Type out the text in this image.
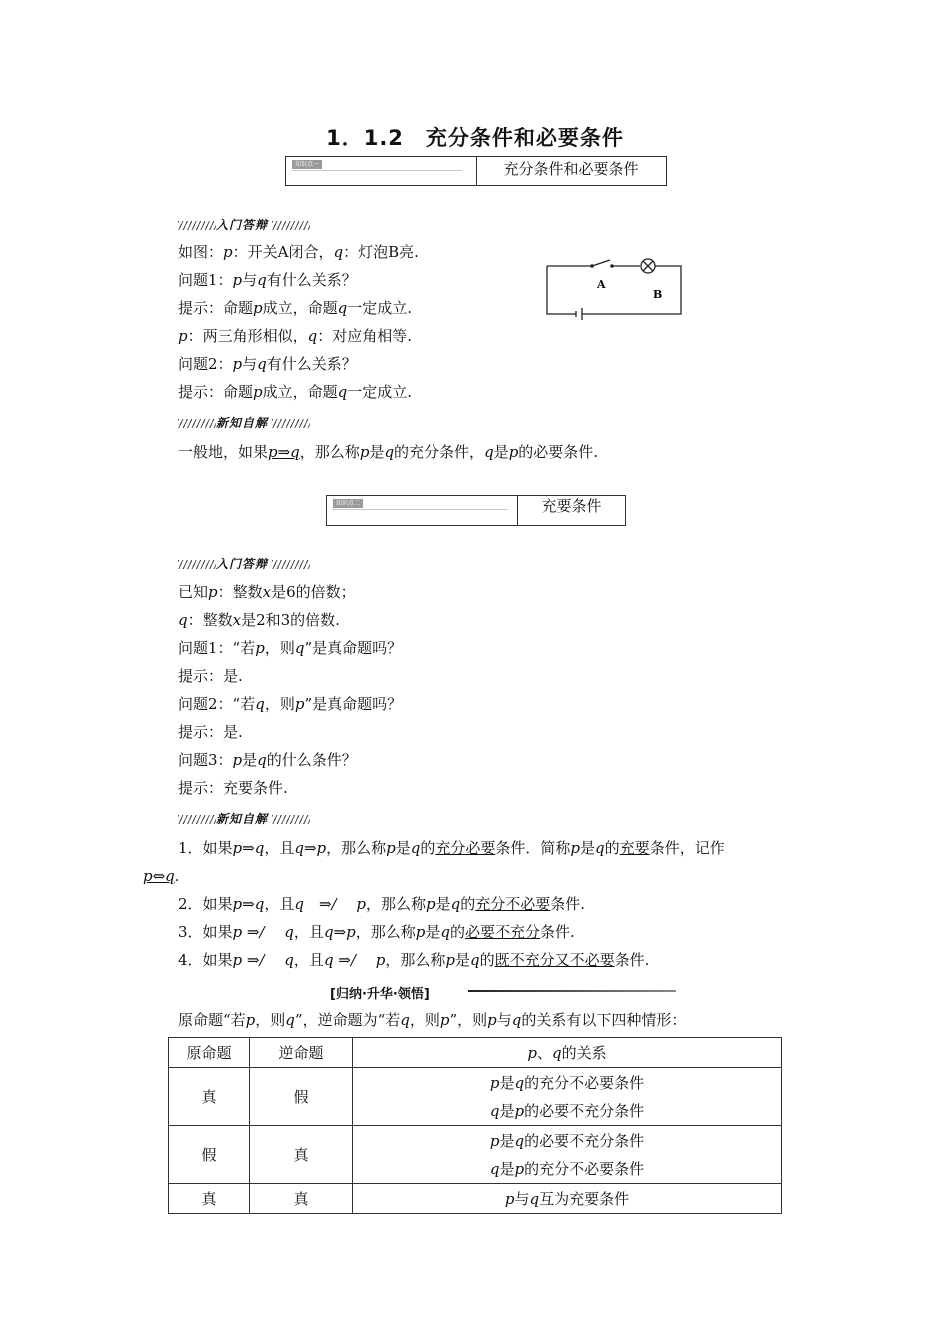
1．1.2　充分条件和必要条件
知识点一	充分条件和必要条件
入门答辩
如图：p：开关A闭合，q：灯泡B亮.
问题1：p与q有什么关系？
提示：命题p成立，命题q一定成立.
p：两三角形相似，q：对应角相等.
问题2：p与q有什么关系？
提示：命题p成立，命题q一定成立.
A
B
新知自解
一般地，如果p⇒q，那么称p是q的充分条件，q是p的必要条件.
知识点二	充要条件
入门答辩
已知p：整数x是6的倍数；
q：整数x是2和3的倍数.
问题1：“若p，则q”是真命题吗？
提示：是.
问题2：“若q，则p”是真命题吗？
提示：是.
问题3：p是q的什么条件？
提示：充要条件.
新知自解
1．如果p⇒q，且q⇒p，那么称p是q的充分必要条件．简称p是q的充要条件，记作
p⇔q.
2．如果p⇒q，且q　⇒/　 p，那么称p是q的充分不必要条件.
3．如果p ⇒/　 q，且q⇒p，那么称p是q的必要不充分条件.
4．如果p ⇒/　 q，且q ⇒/　 p，那么称p是q的既不充分又不必要条件.
[归纳·升华·领悟]
原命题“若p，则q”，逆命题为“若q，则p”，则p与q的关系有以下四种情形：
原命题	逆命题	p、q的关系
真	假	p是q的充分不必要条件
q是p的必要不充分条件

假	真	p是q的必要不充分条件
q是p的充分不必要条件

真	真	p与q互为充要条件
